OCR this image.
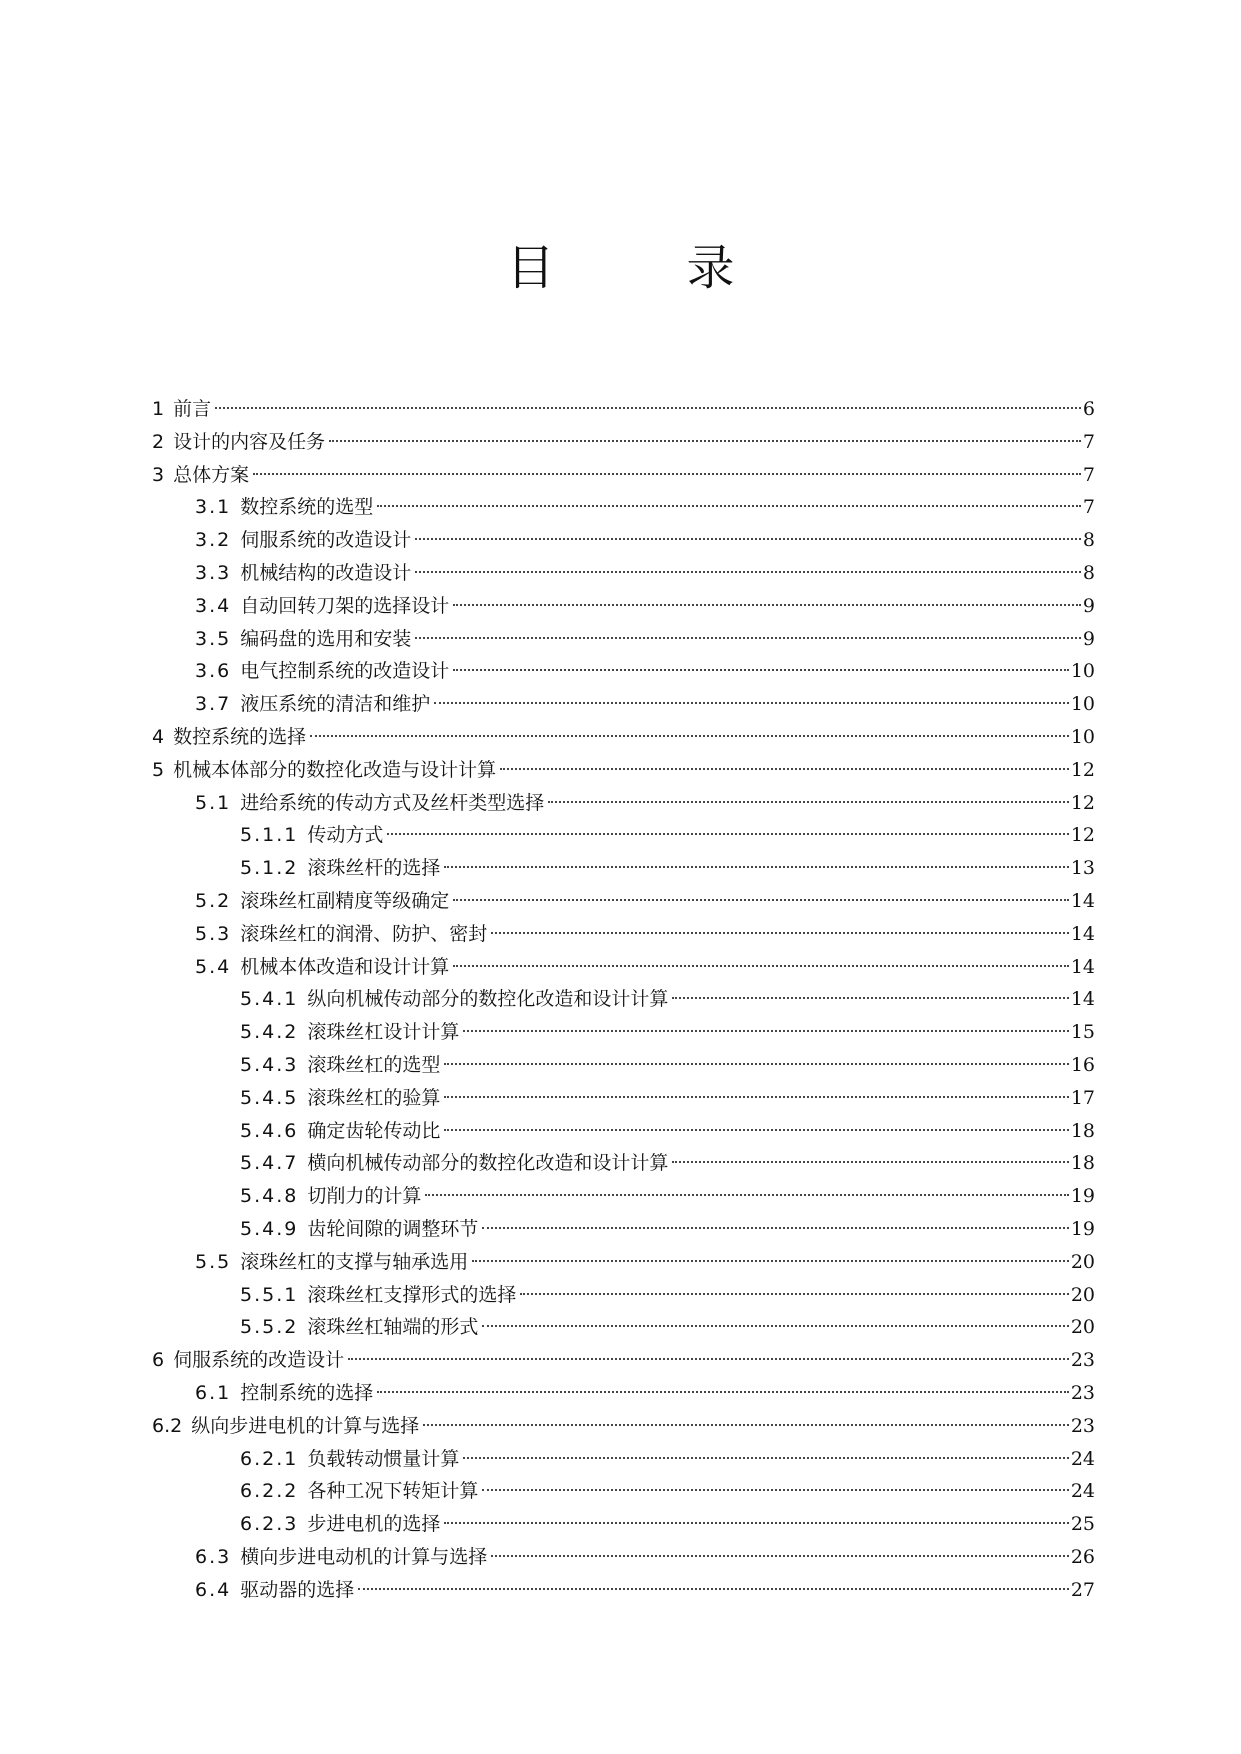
目　录
1 前言	6
2 设计的内容及任务	7
3 总体方案	7
3.1 数控系统的选型	7
3.2 伺服系统的改造设计	8
3.3 机械结构的改造设计	8
3.4 自动回转刀架的选择设计	9
3.5 编码盘的选用和安装	9
3.6 电气控制系统的改造设计	10
3.7 液压系统的清洁和维护	10
4 数控系统的选择	10
5 机械本体部分的数控化改造与设计计算	12
5.1 进给系统的传动方式及丝杆类型选择	12
5.1.1 传动方式	12
5.1.2 滚珠丝杆的选择	13
5.2 滚珠丝杠副精度等级确定	14
5.3 滚珠丝杠的润滑、防护、密封	14
5.4 机械本体改造和设计计算	14
5.4.1 纵向机械传动部分的数控化改造和设计计算	14
5.4.2 滚珠丝杠设计计算	15
5.4.3 滚珠丝杠的选型	16
5.4.5 滚珠丝杠的验算	17
5.4.6 确定齿轮传动比	18
5.4.7 横向机械传动部分的数控化改造和设计计算	18
5.4.8 切削力的计算	19
5.4.9 齿轮间隙的调整环节	19
5.5 滚珠丝杠的支撑与轴承选用	20
5.5.1 滚珠丝杠支撑形式的选择	20
5.5.2 滚珠丝杠轴端的形式	20
6 伺服系统的改造设计	23
6.1 控制系统的选择	23
6.2 纵向步进电机的计算与选择	23
6.2.1 负载转动惯量计算	24
6.2.2 各种工况下转矩计算	24
6.2.3 步进电机的选择	25
6.3 横向步进电动机的计算与选择	26
6.4 驱动器的选择	27
